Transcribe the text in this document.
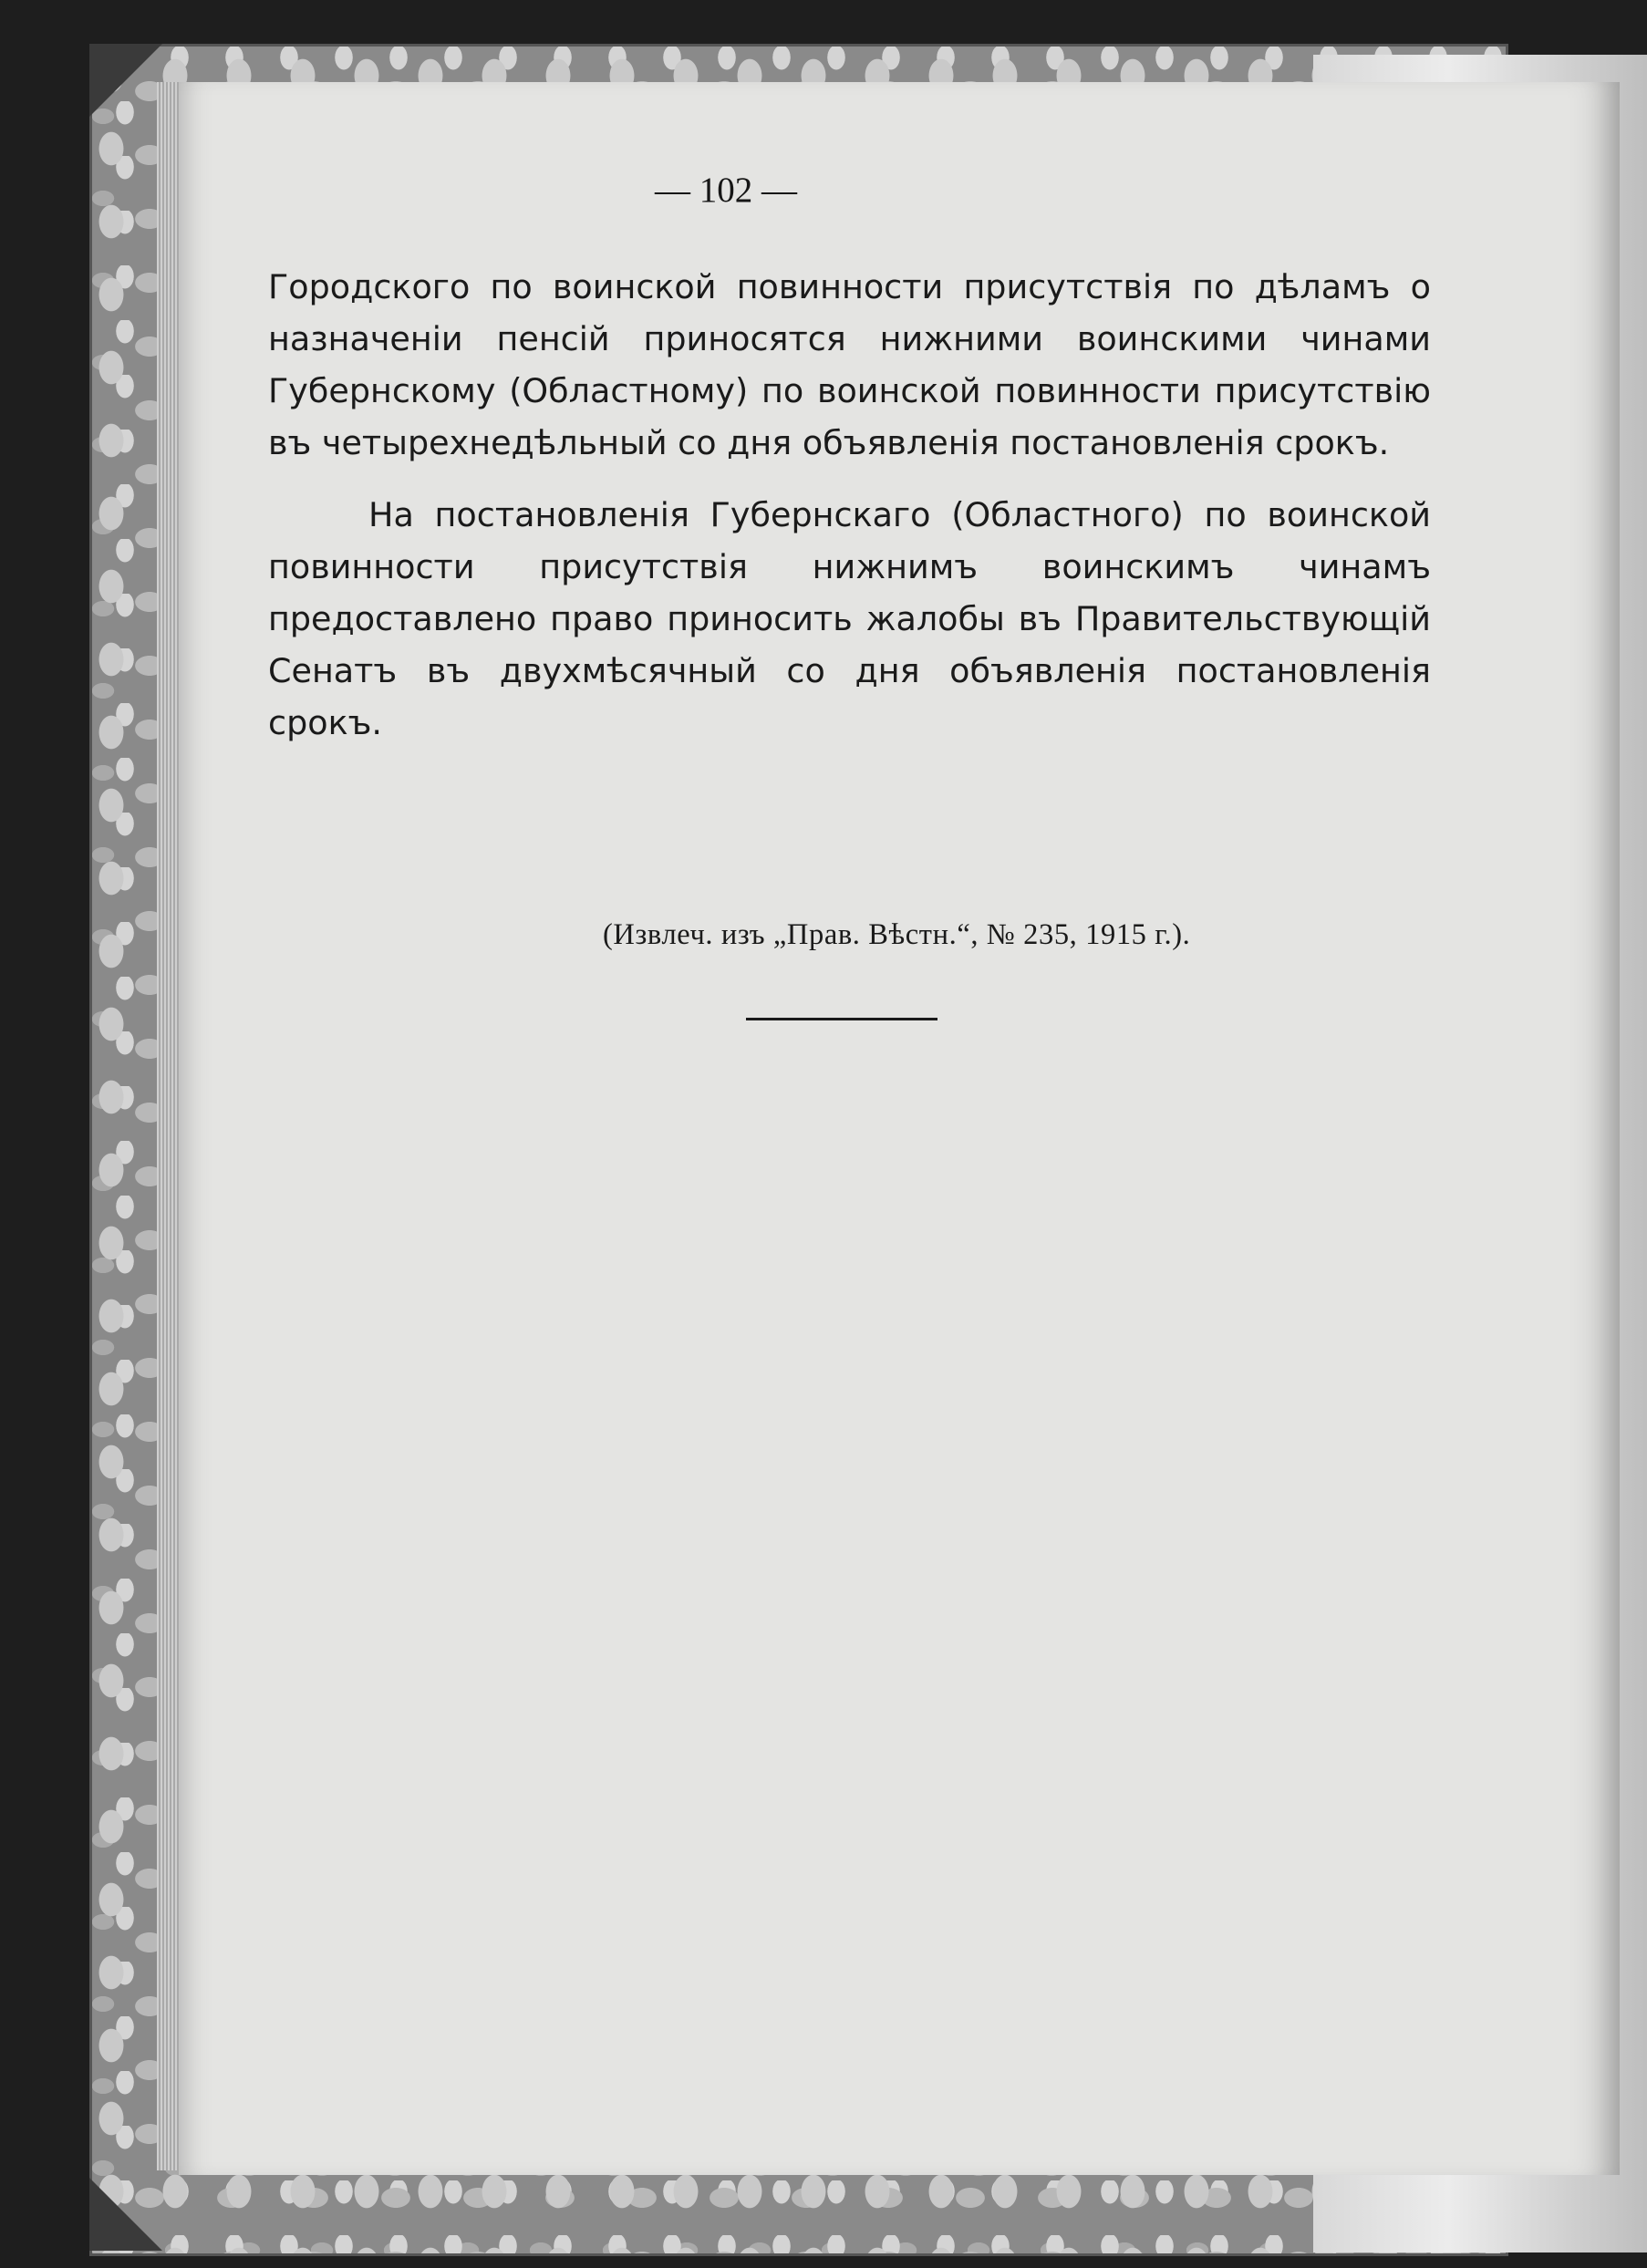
— 102 —

Городского по воинской повинности присутствія по дѣламъ о назначеніи пенсій приносятся нижними воинскими чинами Губернскому (Областному) по воинской повинности присутствію въ четырехнедѣльный со дня объявленія постановленія срокъ.

На постановленія Губернскаго (Областного) по воинской повинности присутствія нижнимъ воинскимъ чинамъ предоставлено право приносить жалобы въ Правительствующій Сенатъ въ двухмѣсячный со дня объявленія постановленія срокъ.

(Извлеч. изъ „Прав. Вѣстн.“, № 235, 1915 г.).
